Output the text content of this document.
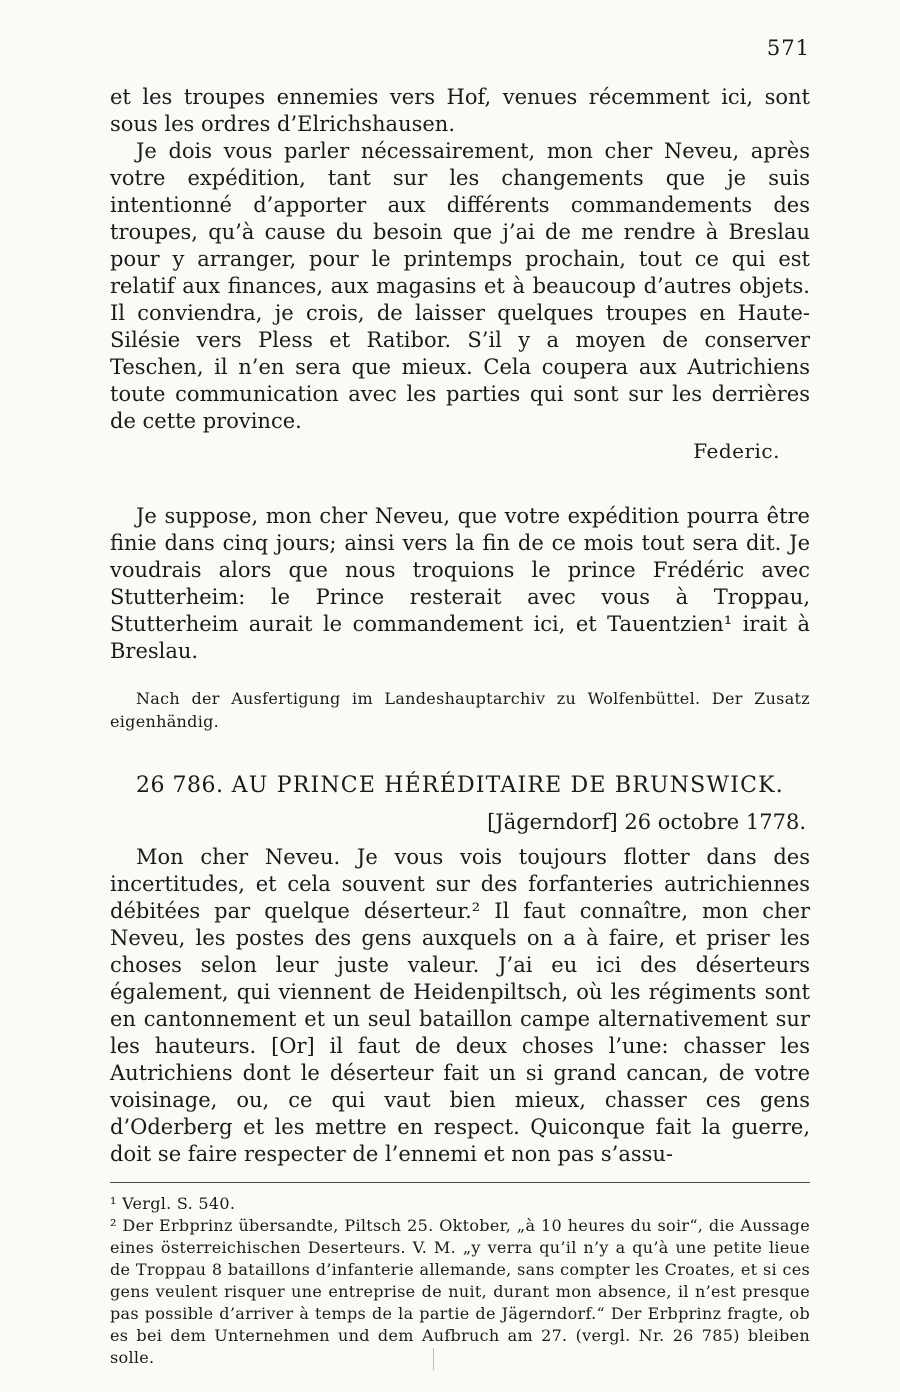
571

et les troupes ennemies vers Hof, venues récemment ici, sont sous les ordres d’Elrichshausen.

Je dois vous parler nécessairement, mon cher Neveu, après votre expédition, tant sur les changements que je suis intentionné d’apporter aux différents commandements des troupes, qu’à cause du besoin que j’ai de me rendre à Breslau pour y arranger, pour le printemps prochain, tout ce qui est relatif aux finances, aux magasins et à beaucoup d’autres objets. Il conviendra, je crois, de laisser quelques troupes en Haute-Silésie vers Pless et Ratibor. S’il y a moyen de conserver Teschen, il n’en sera que mieux. Cela coupera aux Autrichiens toute communication avec les parties qui sont sur les derrières de cette province.

Federic.

Je suppose, mon cher Neveu, que votre expédition pourra être finie dans cinq jours; ainsi vers la fin de ce mois tout sera dit. Je voudrais alors que nous troquions le prince Frédéric avec Stutterheim: le Prince resterait avec vous à Troppau, Stutterheim aurait le commandement ici, et Tauentzien¹ irait à Breslau.

Nach der Ausfertigung im Landeshauptarchiv zu Wolfenbüttel. Der Zusatz eigenhändig.
26 786. AU PRINCE HÉRÉDITAIRE DE BRUNSWICK.
[Jägerndorf] 26 octobre 1778.

Mon cher Neveu. Je vous vois toujours flotter dans des incertitudes, et cela souvent sur des forfanteries autrichiennes débitées par quelque déserteur.² Il faut connaître, mon cher Neveu, les postes des gens auxquels on a à faire, et priser les choses selon leur juste valeur. J’ai eu ici des déserteurs également, qui viennent de Heidenpiltsch, où les régiments sont en cantonnement et un seul bataillon campe alternativement sur les hauteurs. [Or] il faut de deux choses l’une: chasser les Autrichiens dont le déserteur fait un si grand cancan, de votre voisinage, ou, ce qui vaut bien mieux, chasser ces gens d’Oderberg et les mettre en respect. Quiconque fait la guerre, doit se faire respecter de l’ennemi et non pas s’assu-

¹ Vergl. S. 540.

² Der Erbprinz übersandte, Piltsch 25. Oktober, „à 10 heures du soir“, die Aussage eines österreichischen Deserteurs. V. M. „y verra qu’il n’y a qu’à une petite lieue de Troppau 8 bataillons d’infanterie allemande, sans compter les Croates, et si ces gens veulent risquer une entreprise de nuit, durant mon absence, il n’est presque pas possible d’arriver à temps de la partie de Jägerndorf.“ Der Erbprinz fragte, ob es bei dem Unternehmen und dem Aufbruch am 27. (vergl. Nr. 26 785) bleiben solle.
